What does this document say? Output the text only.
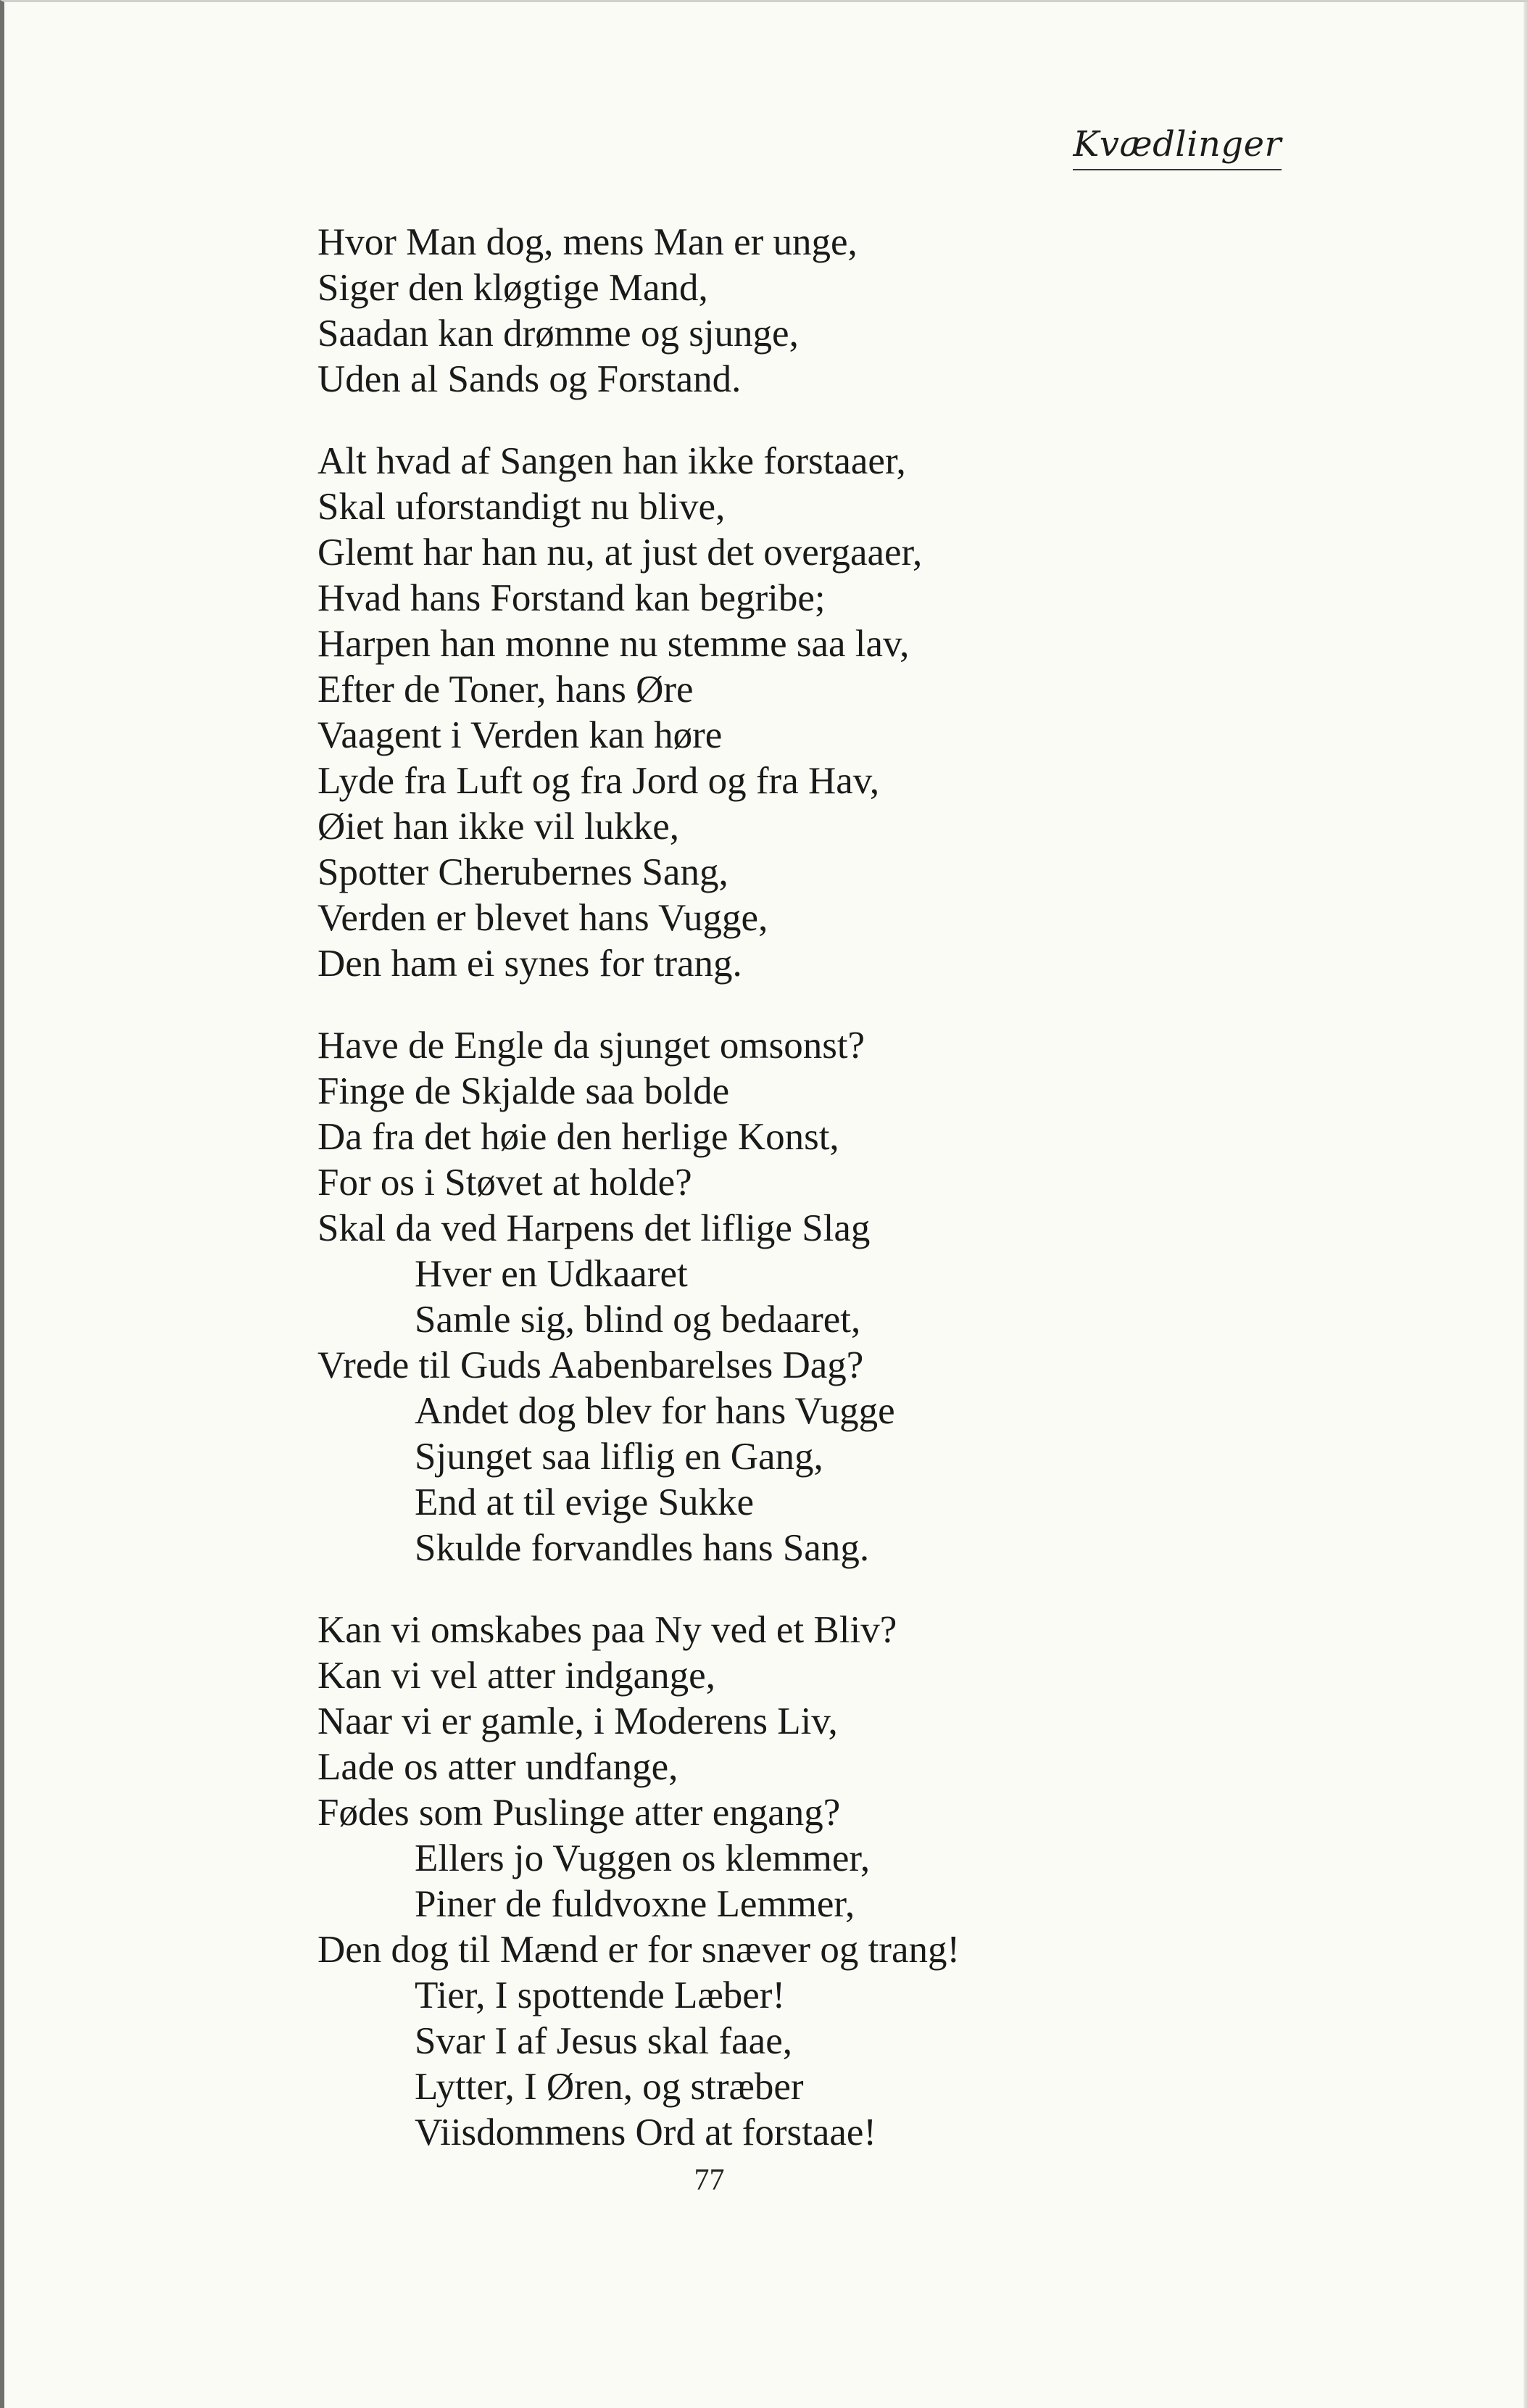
Kvædlinger
Hvor Man dog, mens Man er unge,
Siger den kløgtige Mand,
Saadan kan drømme og sjunge,
Uden al Sands og Forstand.
Alt hvad af Sangen han ikke forstaaer,
Skal uforstandigt nu blive,
Glemt har han nu, at just det overgaaer,
Hvad hans Forstand kan begribe;
Harpen han monne nu stemme saa lav,
Efter de Toner, hans Øre
Vaagent i Verden kan høre
Lyde fra Luft og fra Jord og fra Hav,
Øiet han ikke vil lukke,
Spotter Cherubernes Sang,
Verden er blevet hans Vugge,
Den ham ei synes for trang.
Have de Engle da sjunget omsonst?
Finge de Skjalde saa bolde
Da fra det høie den herlige Konst,
For os i Støvet at holde?
Skal da ved Harpens det liflige Slag
Hver en Udkaaret
Samle sig, blind og bedaaret,
Vrede til Guds Aabenbarelses Dag?
Andet dog blev for hans Vugge
Sjunget saa liflig en Gang,
End at til evige Sukke
Skulde forvandles hans Sang.
Kan vi omskabes paa Ny ved et Bliv?
Kan vi vel atter indgange,
Naar vi er gamle, i Moderens Liv,
Lade os atter undfange,
Fødes som Puslinge atter engang?
Ellers jo Vuggen os klemmer,
Piner de fuldvoxne Lemmer,
Den dog til Mænd er for snæver og trang!
Tier, I spottende Læber!
Svar I af Jesus skal faae,
Lytter, I Øren, og stræber
Viisdommens Ord at forstaae!
77
